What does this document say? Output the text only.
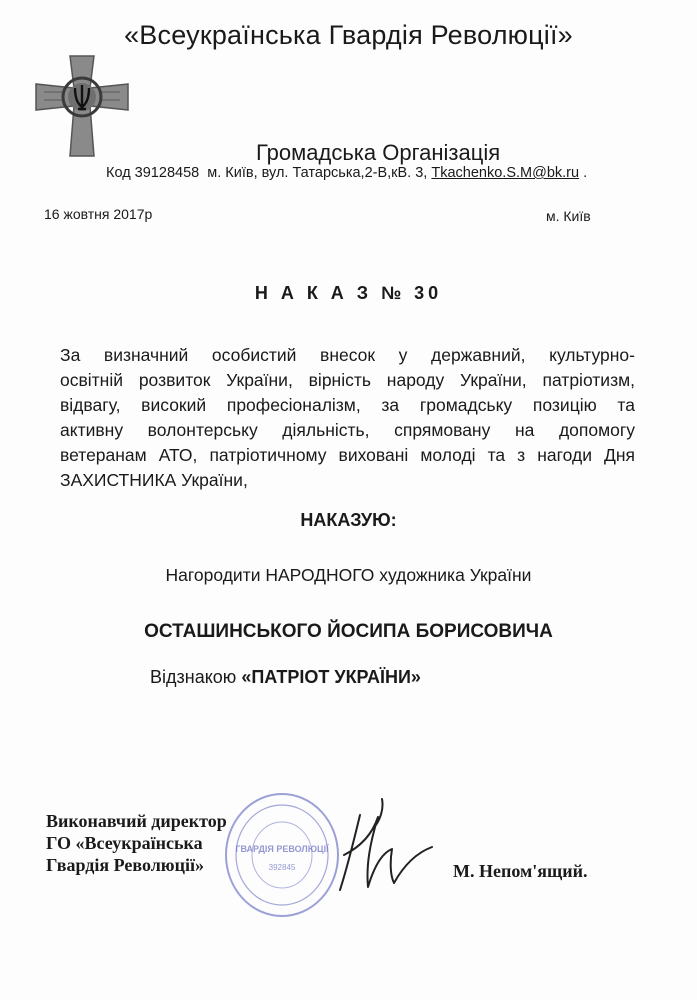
«Всеукраїнська Гвардія Революції»
Громадська Організація
Код 39128458 м. Київ, вул. Татарська,2-В,кВ. 3, Tkachenko.S.M@bk.ru .
16 жовтня 2017р	м. Київ
Н А К А З № 30
За визначний особистий внесок у державний, культурно-
освітній розвиток України, вірність народу України, патріотизм,
відвагу, високий професіоналізм, за громадську позицію та
активну волонтерську діяльність, спрямовану на допомогу
ветеранам АТО, патріотичному виховані молоді та з нагоди Дня
ЗАХИСТНИКА України,
НАКАЗУЮ:
Нагородити НАРОДНОГО художника України
ОСТАШИНСЬКОГО ЙОСИПА БОРИСОВИЧА
Відзнакою «ПАТРІОТ УКРАЇНИ»
ГВАРДІЯ РЕВОЛЮЦІЇ
392845
Виконавчий директор
ГО «Всеукраїнська
Гвардія Революції»	М. Непом'ящий.
